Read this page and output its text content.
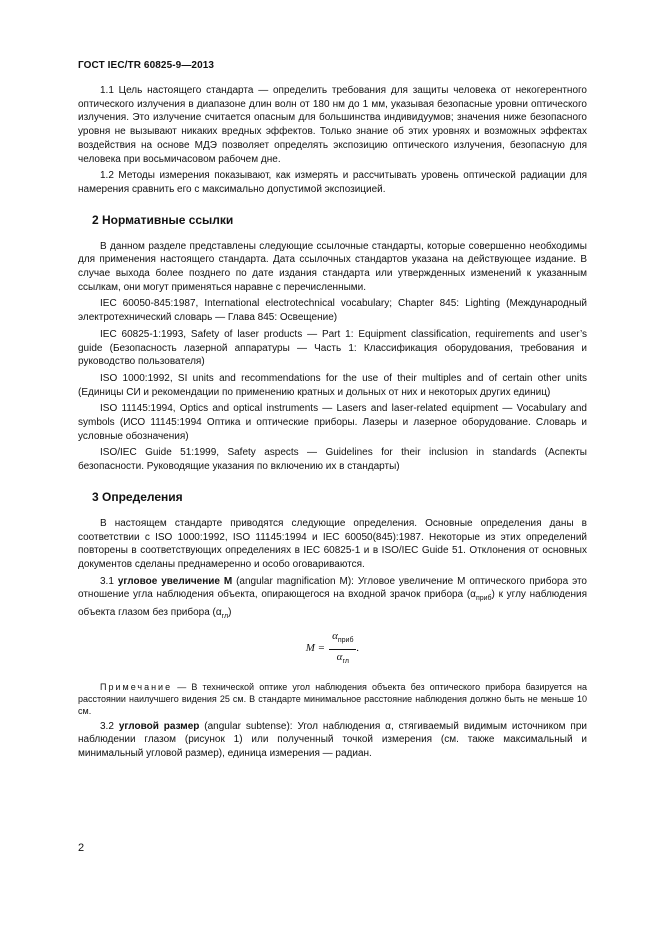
ГОСТ IEC/TR 60825-9—2013

1.1 Цель настоящего стандарта — определить требования для защиты человека от некогерентного оптического излучения в диапазоне длин волн от 180 нм до 1 мм, указывая безопасные уровни оптического излучения. Это излучение считается опасным для большинства индивидуумов; значения ниже безопасного уровня не вызывают никаких вредных эффектов. Только знание об этих уровнях и возможных эффектах воздействия на основе МДЭ позволяет определять экспозицию оптического излучения, безопасную для человека при восьмичасовом рабочем дне.

1.2 Методы измерения показывают, как измерять и рассчитывать уровень оптической радиации для намерения сравнить его с максимально допустимой экспозицией.

2 Нормативные ссылки

В данном разделе представлены следующие ссылочные стандарты, которые совершенно необходимы для применения настоящего стандарта. Дата ссылочных стандартов указана на действующее издание. В случае выхода более позднего по дате издания стандарта или утвержденных изменений к указанным ссылкам, они могут применяться наравне с перечисленными.

IEC 60050-845:1987, International electrotechnical vocabulary; Chapter 845: Lighting (Международный электротехнический словарь — Глава 845: Освещение)

IEC 60825-1:1993, Safety of laser products — Part 1: Equipment classification, requirements and user’s guide (Безопасность лазерной аппаратуры — Часть 1: Классификация оборудования, требования и руководство пользователя)

ISO 1000:1992, SI units and recommendations for the use of their multiples and of certain other units (Единицы СИ и рекомендации по применению кратных и дольных от них и некоторых других единиц)

ISO 11145:1994, Optics and optical instruments — Lasers and laser-related equipment — Vocabulary and symbols (ИСО 11145:1994 Оптика и оптические приборы. Лазеры и лазерное оборудование. Словарь и условные обозначения)

ISO/IEC Guide 51:1999, Safety aspects — Guidelines for their inclusion in standards (Аспекты безопасности. Руководящие указания по включению их в стандарты)

3 Определения

В настоящем стандарте приводятся следующие определения. Основные определения даны в соответствии с ISO 1000:1992, ISO 11145:1994 и IEC 60050(845):1987. Некоторые из этих определений повторены в соответствующих определениях в IEC 60825-1 и в ISO/IEC Guide 51. Отклонения от основных документов сделаны преднамеренно и особо оговариваются.

3.1 угловое увеличение М (angular magnification M): Угловое увеличение М оптического прибора это отношение угла наблюдения объекта, опирающегося на входной зрачок прибора $(\alpha_{приб})$ к углу наблюдения объекта глазом без прибора $(\alpha_{гл})$

$M = \frac{\alpha_{приб}}{\alpha_{гл}}$ .

Примечание — В технической оптике угол наблюдения объекта без оптического прибора базируется на расстоянии наилучшего видения 25 см. В стандарте минимальное расстояние наблюдения должно быть не меньше 10 см.

3.2 угловой размер (angular subtense): Угол наблюдения α, стягиваемый видимым источником при наблюдении глазом (рисунок 1) или полученный точкой измерения (см. также максимальный и минимальный угловой размер), единица измерения — радиан.

2
